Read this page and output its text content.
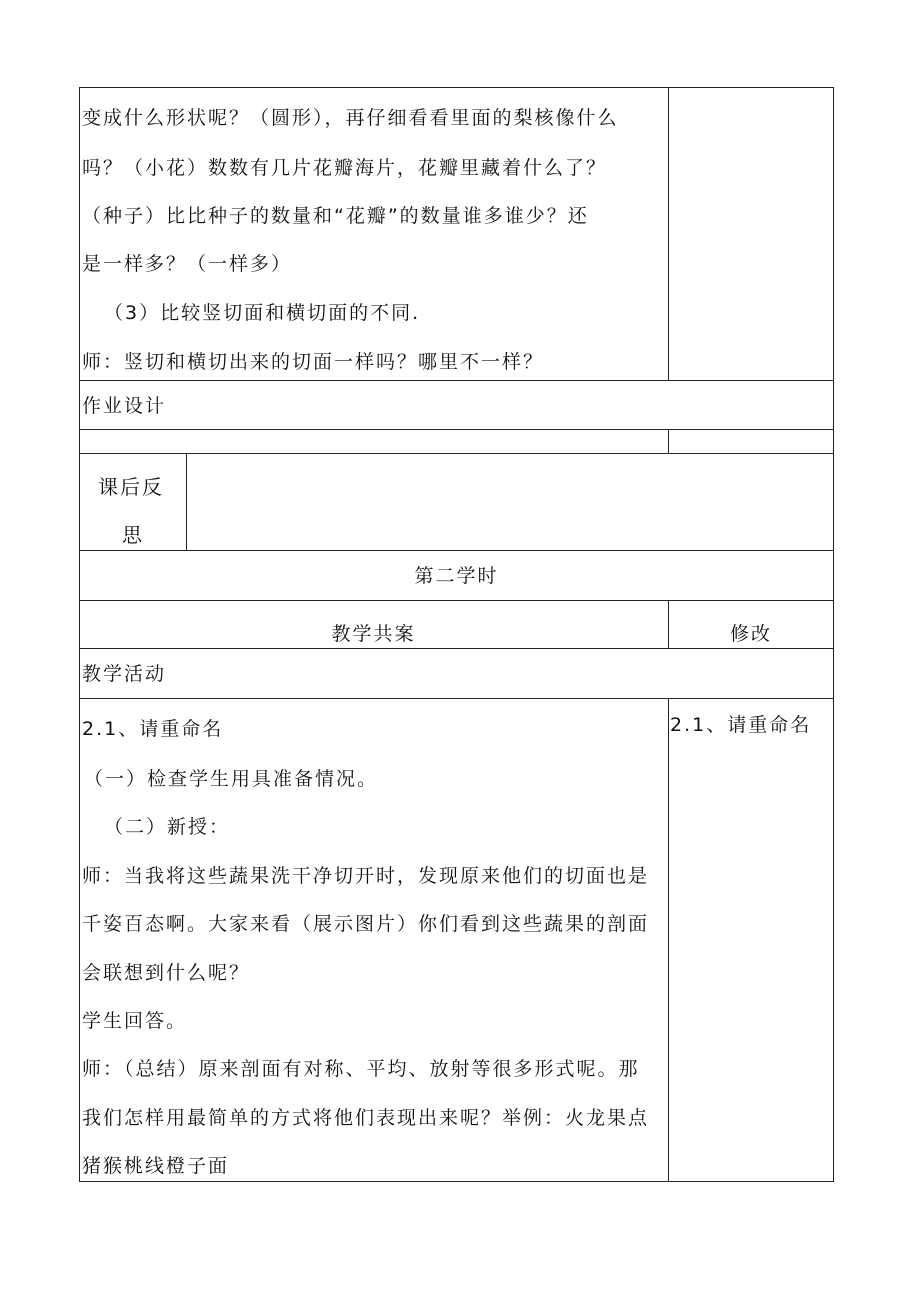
变成什么形状呢？（圆形），再仔细看看里面的梨核像什么
吗？（小花）数数有几片花瓣海片，花瓣里藏着什么了？
（种子）比比种子的数量和“花瓣”的数量谁多谁少？还
是一样多？（一样多）
（3）比较竖切面和横切面的不同.
师：竖切和横切出来的切面一样吗？哪里不一样？
作业设计
课后反
思
第二学时
教学共案	修改
教学活动
2.1、请重命名
（一）检查学生用具准备情况。
（二）新授：
师：当我将这些蔬果洗干净切开时，发现原来他们的切面也是
千姿百态啊。大家来看（展示图片）你们看到这些蔬果的剖面
会联想到什么呢？
学生回答。
师：（总结）原来剖面有对称、平均、放射等很多形式呢。那
我们怎样用最简单的方式将他们表现出来呢？举例：火龙果点
猪猴桃线橙子面
2.1、请重命名
